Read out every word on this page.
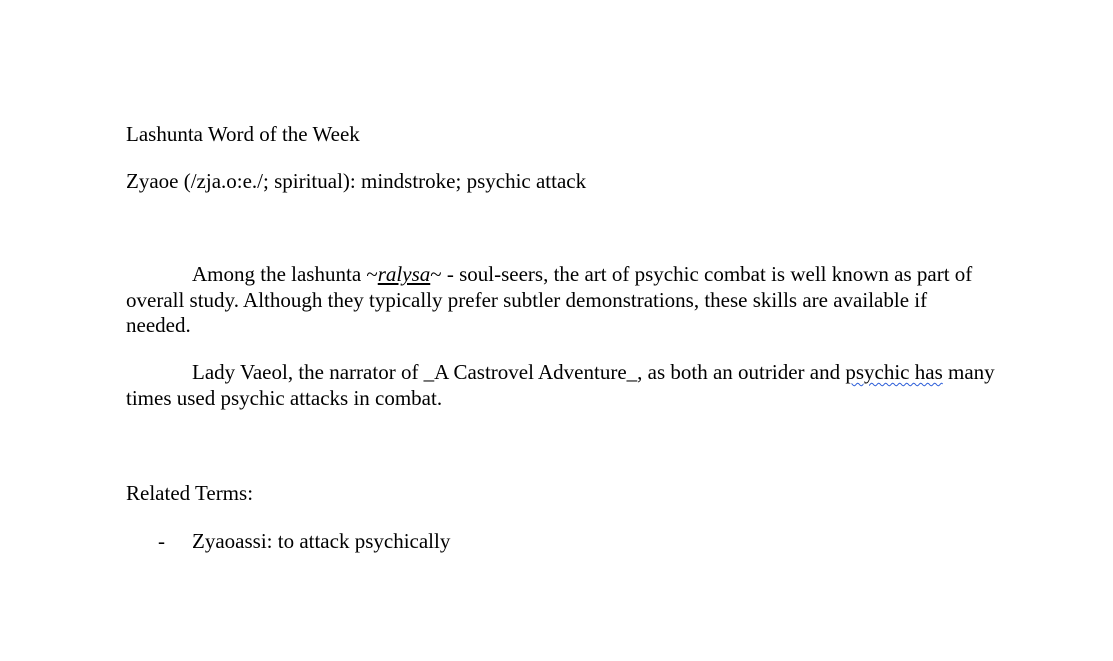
Lashunta Word of the Week
Zyaoe (/zja.o:e./; spiritual): mindstroke; psychic attack
Among the lashunta ~ralysa~ - soul-seers, the art of psychic combat is well known as part of overall study. Although they typically prefer subtler demonstrations, these skills are available if needed.
Lady Vaeol, the narrator of _A Castrovel Adventure_, as both an outrider and psychic has many times used psychic attacks in combat.
Related Terms:
- Zyaoassi: to attack psychically
